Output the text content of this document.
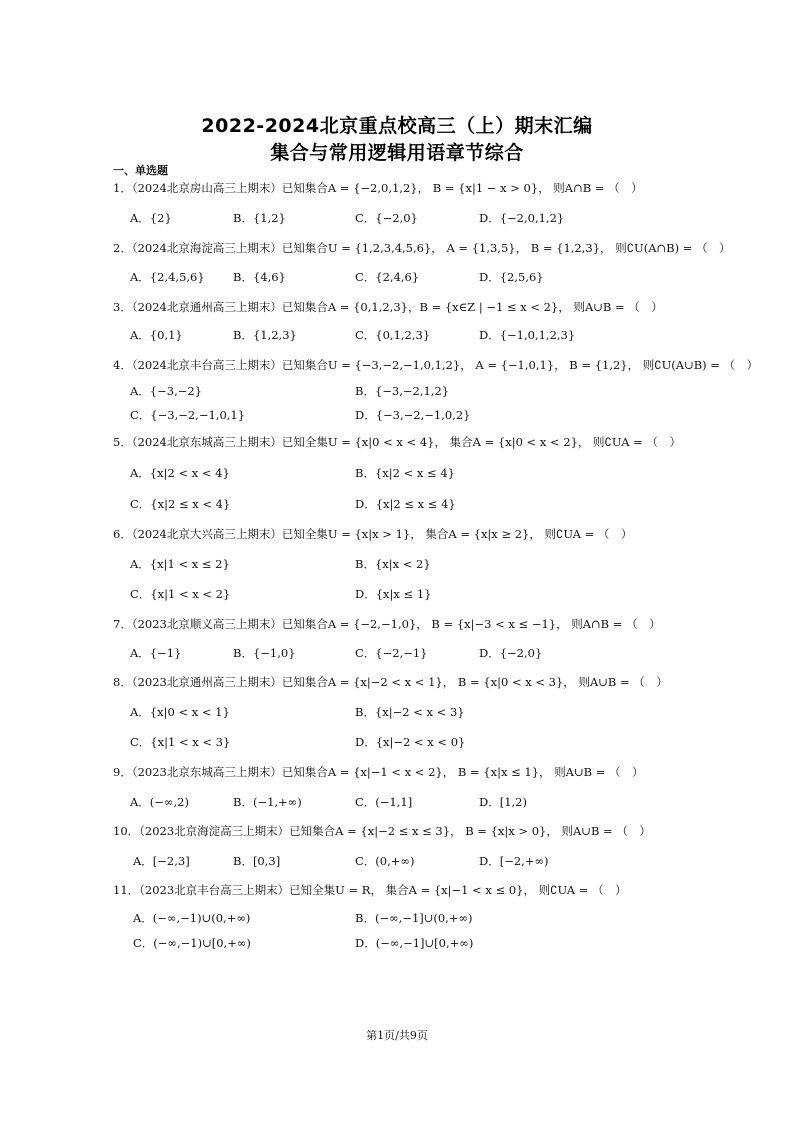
2022-2024北京重点校高三（上）期末汇编
集合与常用逻辑用语章节综合
一、单选题
1．（2024北京房山高三上期末）已知集合A = {−2,0,1,2}， B = {x|1 − x > 0}， 则A∩B = （　）
A．{2}	B．{1,2}	C．{−2,0}	D．{−2,0,1,2}
2．（2024北京海淀高三上期末）已知集合U = {1,2,3,4,5,6}， A = {1,3,5}， B = {1,2,3}， 则∁U(A∩B) = （　）
A．{2,4,5,6} B．{4,6}	C．{2,4,6}	D．{2,5,6}
3．（2024北京通州高三上期末）已知集合A = {0,1,2,3}，B = {x∈Z | −1 ≤ x < 2}， 则A∪B = （　）
A．{0,1}	B．{1,2,3}	C．{0,1,2,3}	D．{−1,0,1,2,3}
4．（2024北京丰台高三上期末）已知集合U = {−3,−2,−1,0,1,2}， A = {−1,0,1}， B = {1,2}， 则∁U(A∪B) = （　）
A．{−3,−2}	B．{−3,−2,1,2}
C．{−3,−2,−1,0,1}	D．{−3,−2,−1,0,2}
5．（2024北京东城高三上期末）已知全集U = {x|0 < x < 4}， 集合A = {x|0 < x < 2}， 则∁UA = （　）
A．{x|2 < x < 4}	B．{x|2 < x ≤ 4}
C．{x|2 ≤ x < 4}	D．{x|2 ≤ x ≤ 4}
6．（2024北京大兴高三上期末）已知全集U = {x|x > 1}， 集合A = {x|x ≥ 2}， 则∁UA = （　）
A．{x|1 < x ≤ 2}	B．{x|x < 2}
C．{x|1 < x < 2}	D．{x|x ≤ 1}
7．（2023北京顺义高三上期末）已知集合A = {−2,−1,0}， B = {x|−3 < x ≤ −1}， 则A∩B = （　）
A．{−1}	B．{−1,0}	C．{−2,−1}	D．{−2,0}
8．（2023北京通州高三上期末）已知集合A = {x|−2 < x < 1}， B = {x|0 < x < 3}， 则A∪B = （　）
A．{x|0 < x < 1}	B．{x|−2 < x < 3}
C．{x|1 < x < 3}	D．{x|−2 < x < 0}
9．（2023北京东城高三上期末）已知集合A = {x|−1 < x < 2}， B = {x|x ≤ 1}， 则A∪B = （　）
A．(−∞,2)	B．(−1,+∞)	C．(−1,1]	D．[1,2)
10．（2023北京海淀高三上期末）已知集合A = {x|−2 ≤ x ≤ 3}， B = {x|x > 0}， 则A∪B = （　）
A．[−2,3]	B．[0,3]	C．(0,+∞)	D．[−2,+∞)
11．（2023北京丰台高三上期末）已知全集U = R， 集合A = {x|−1 < x ≤ 0}， 则∁UA = （　）
A．(−∞,−1)∪(0,+∞)	B．(−∞,−1]∪(0,+∞)
C．(−∞,−1)∪[0,+∞)	D．(−∞,−1]∪[0,+∞)
第1页/共9页
